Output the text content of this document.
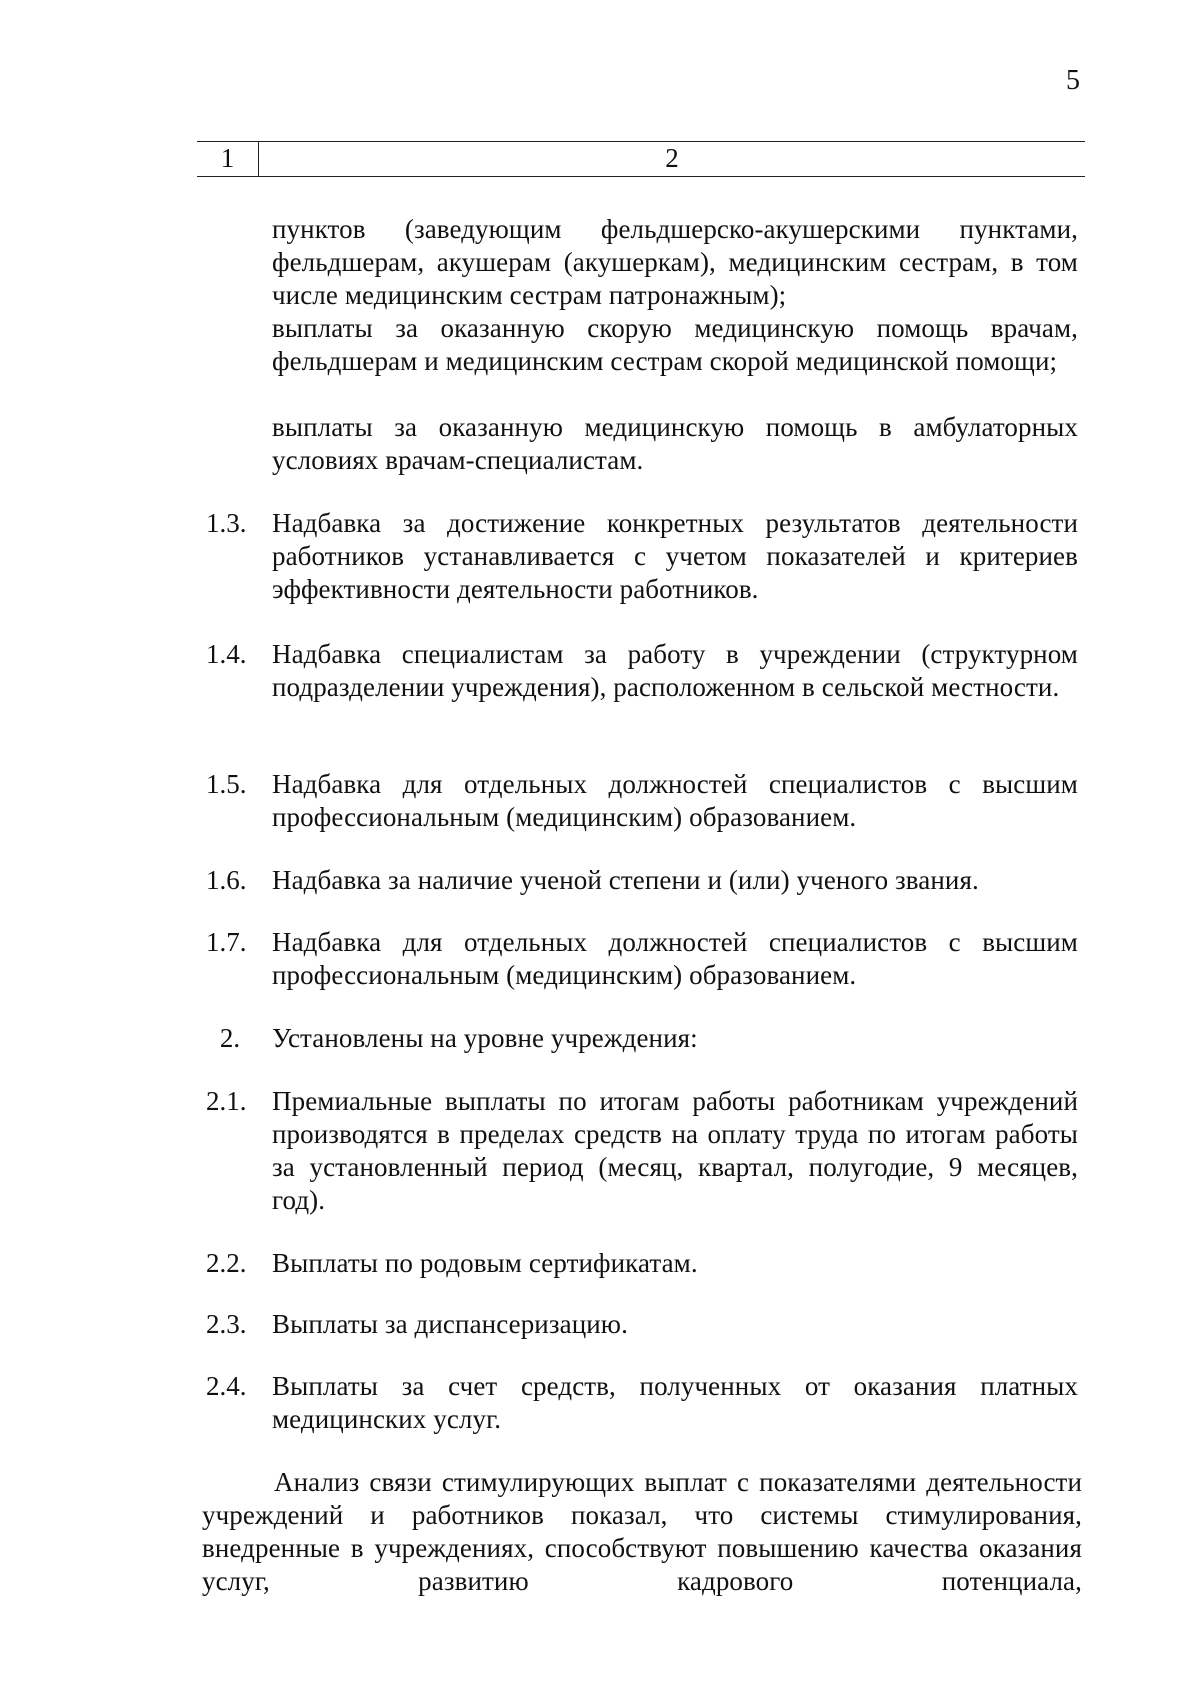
5
1	2
пунктов (заведующим фельдшерско-акушерскими пунктами, фельдшерам, акушерам (акушеркам), медицинским сестрам, в том числе медицинским сестрам патронажным);
выплаты за оказанную скорую медицинскую помощь врачам, фельдшерам и медицинским сестрам скорой медицинской помощи;
выплаты за оказанную медицинскую помощь в амбулаторных условиях врачам-специалистам.
1.3. Надбавка за достижение конкретных результатов деятельности работников устанавливается с учетом показателей и критериев эффективности деятельности работников.
1.4. Надбавка специалистам за работу в учреждении (структурном подразделении учреждения), расположенном в сельской местности.
1.5. Надбавка для отдельных должностей специалистов с высшим профессиональным (медицинским) образованием.
1.6. Надбавка за наличие ученой степени и (или) ученого звания.
1.7. Надбавка для отдельных должностей специалистов с высшим профессиональным (медицинским) образованием.
2.	Установлены на уровне учреждения:
2.1. Премиальные выплаты по итогам работы работникам учреждений производятся в пределах средств на оплату труда по итогам работы за установленный период (месяц, квартал, полугодие, 9 месяцев, год).
2.2. Выплаты по родовым сертификатам.
2.3. Выплаты за диспансеризацию.
2.4. Выплаты за счет средств, полученных от оказания платных медицинских услуг.
Анализ связи стимулирующих выплат с показателями деятельности учреждений и работников показал, что системы стимулирования, внедренные в учреждениях, способствуют повышению качества оказания услуг, развитию кадрового потенциала,
